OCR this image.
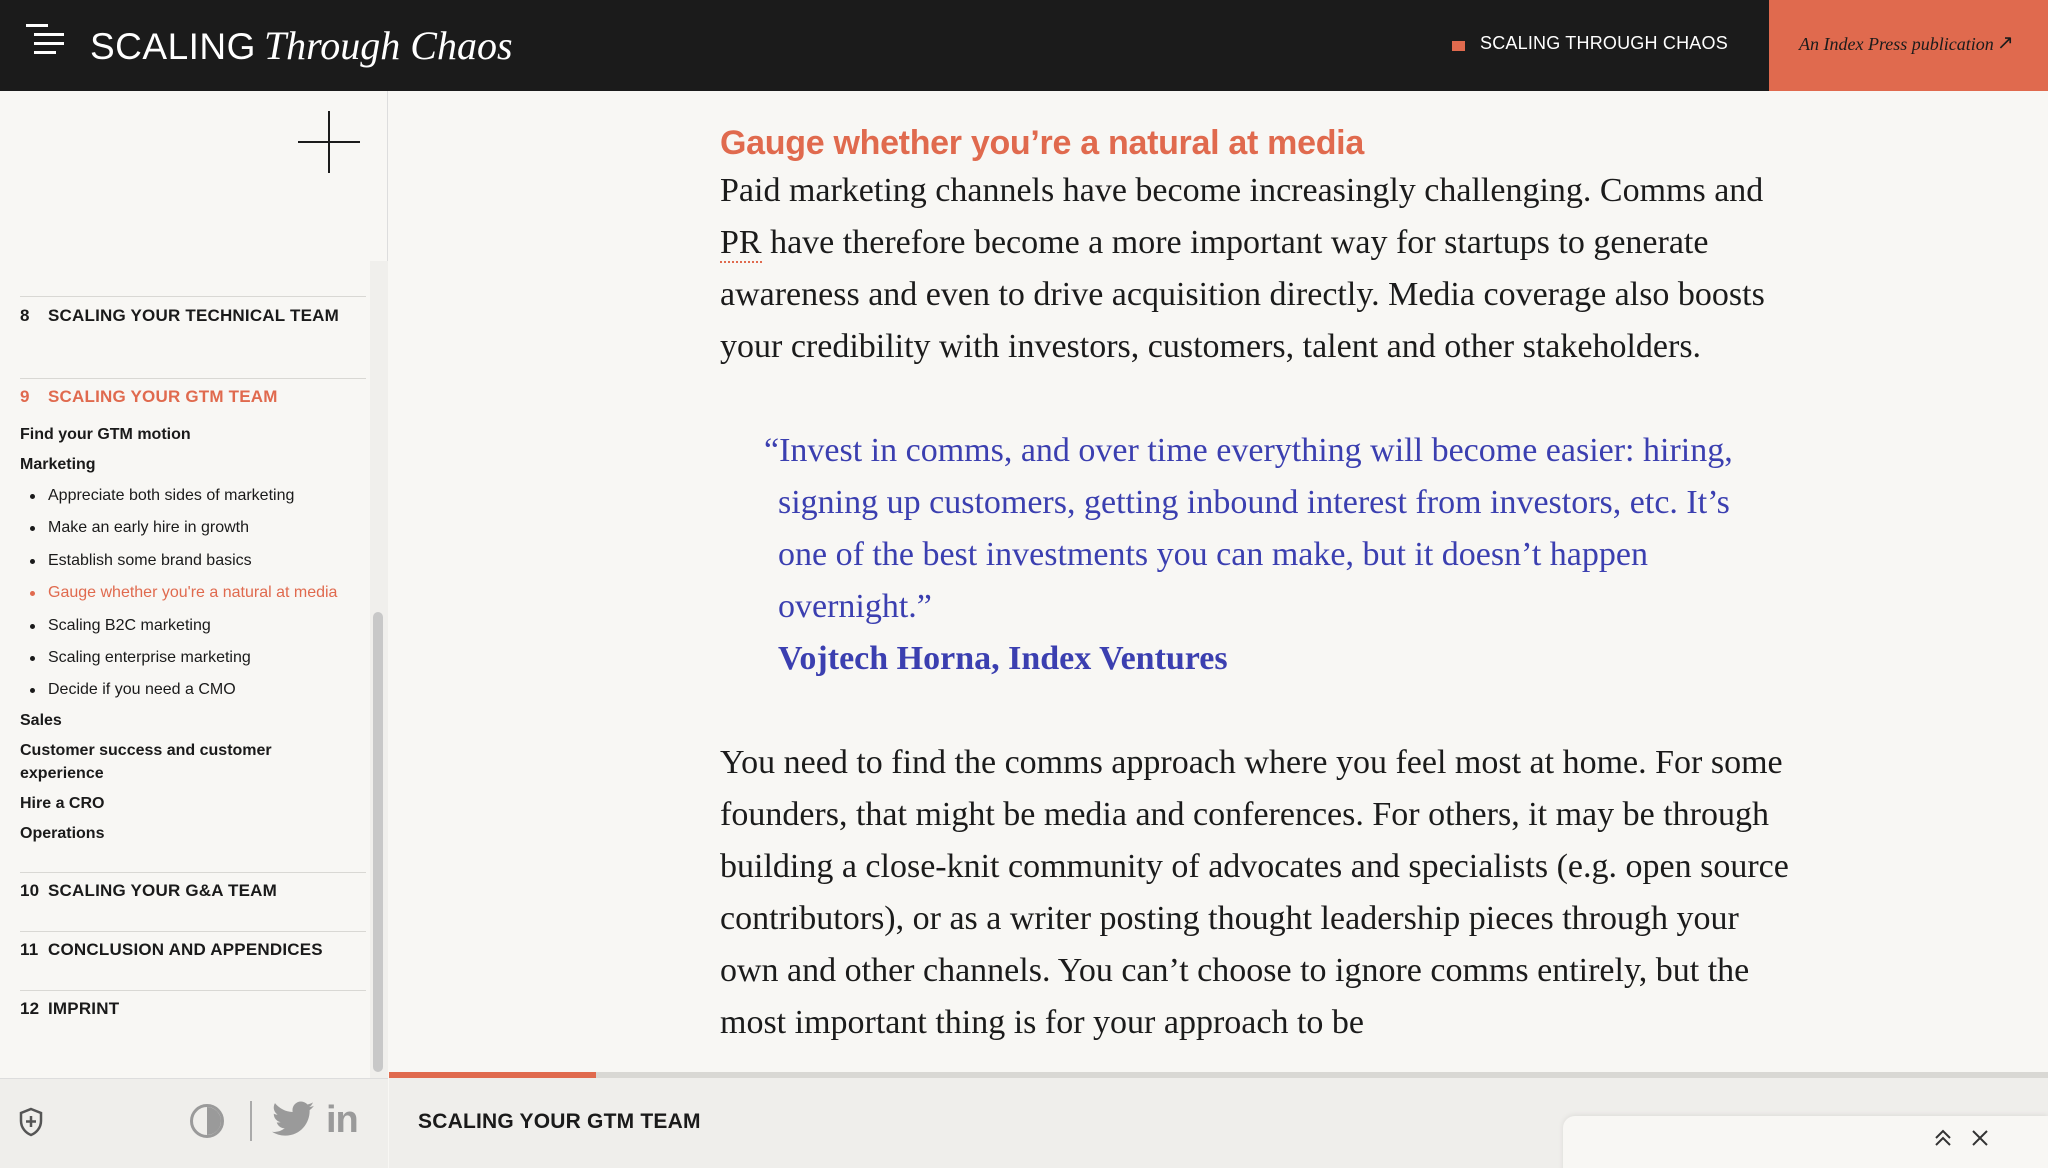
SCALING Through Chaos	SCALING THROUGH CHAOS	An Index Press publication ↗
8 SCALING YOUR TECHNICAL TEAM
9 SCALING YOUR GTM TEAM
Find your GTM motion
Marketing
Appreciate both sides of marketing
Make an early hire in growth
Establish some brand basics
Gauge whether you're a natural at media
Scaling B2C marketing
Scaling enterprise marketing
Decide if you need a CMO
Sales
Customer success and customer experience
Hire a CRO
Operations
10 SCALING YOUR G&A TEAM
11 CONCLUSION AND APPENDICES
12 IMPRINT
in
Gauge whether you’re a natural at media

Paid marketing channels have become increasingly challenging. Comms and PR have therefore become a more important way for startups to generate awareness and even to drive acquisition directly. Media coverage also boosts your credibility with investors, customers, talent and other stakeholders.

“Invest in comms, and over time everything will become easier: hiring, signing up customers, getting inbound interest from investors, etc. It’s one of the best investments you can make, but it doesn’t happen overnight.”
Vojtech Horna, Index Ventures

You need to find the comms approach where you feel most at home. For some founders, that might be media and conferences. For others, it may be through building a close-knit community of advocates and specialists (e.g. open source contributors), or as a writer posting thought leadership pieces through your own and other channels. You can’t choose to ignore comms entirely, but the most important thing is for your approach to be

SCALING YOUR GTM TEAM
